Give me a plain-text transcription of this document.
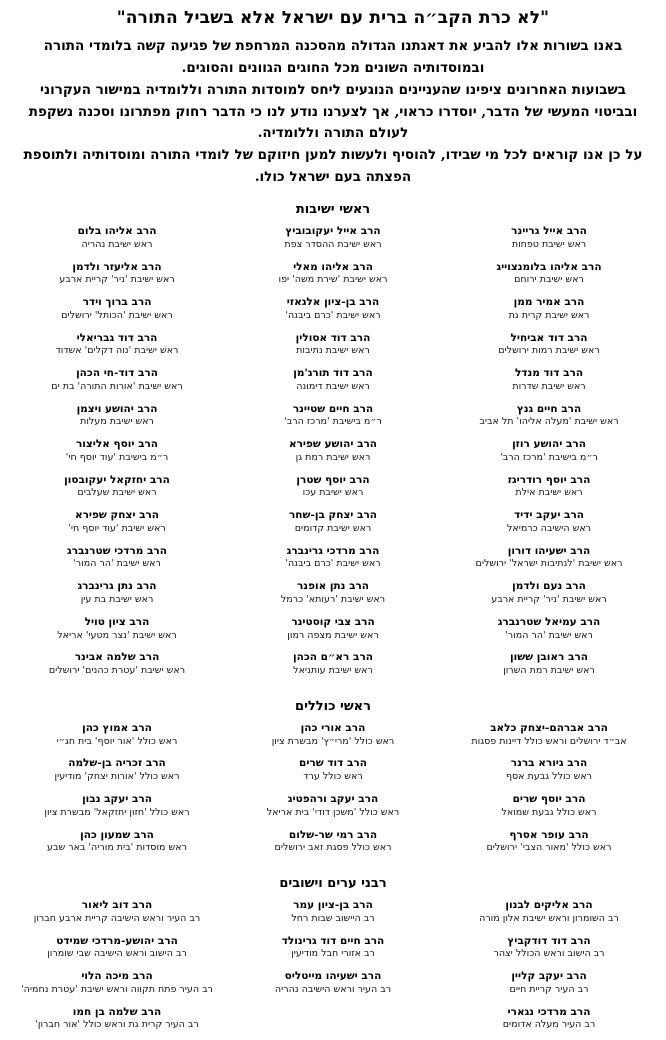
"לא כרת הקב״ה ברית עם ישראל אלא בשביל התורה"

באנו בשורות אלו להביע את דאגתנו הגדולה מהסכנה המרחפת של פגיעה קשה בלומדי התורה ובמוסדותיה השונים מכל החוגים הגוונים והסוגים.

בשבועות האחרונים ציפינו שהעניינים הנוגעים ליחס למוסדות התורה וללומדיה במישור העקרוני ובביטוי המעשי של הדבר, יוסדרו כראוי, אך לצערנו נודע לנו כי הדבר רחוק מפתרונו וסכנה נשקפת לעולם התורה וללומדיה.

על כן אנו קוראים לכל מי שבידו, להוסיף ולעשות למען חיזוקם של לומדי התורה ומוסדותיה ולתוספת הפצתה בעם ישראל כולו.

ראשי ישיבות
הרב אייל גריינר
ראש ישיבת טפחות
הרב אליהו בלומנצוייג
ראש ישיבת ירוחם
הרב אמיר ממן
ראש ישיבת קרית גת
הרב דוד אביחיל
ראש ישיבת רמות ירושלים
הרב דוד מנדל
ראש ישיבת שדרות
הרב חיים גנץ
ראש ישיבת 'מעלה אליהו' תל אביב
הרב יהושע רוזן
ר״מ בישיבת 'מרכז הרב'
הרב יוסף רודריגז
ראש ישיבת אילת
הרב יעקב ידיד
ראש הישיבה כרמיאל
הרב ישעיהו דורון
ראש ישיבת 'לנתיבות ישראל' ירושלים
הרב נעם ולדמן
ראש ישיבת 'ניר' קריית ארבע
הרב עמיאל שטרנברג
ראש ישיבת 'הר המור'
הרב ראובן ששון
ראש ישיבת רמת השרון
הרב אייל יעקובוביץ
ראש ישיבת ההסדר צפת
הרב אליהו מאלי
ראש ישיבת 'שירת משה' יפו
הרב בן-ציון אלגאזי
ראש ישיבת 'כרם ביבנה'
הרב דוד אסולין
ראש ישיבת נתיבות
הרב דוד תורג'מן
ראש ישיבת דימונה
הרב חיים שטיינר
ר״מ בישיבת 'מרכז הרב'
הרב יהושע שפירא
ראש ישיבת רמת גן
הרב יוסף שטרן
ראש ישיבת עכו
הרב יצחק בן-שחר
ראש ישיבת קדומים
הרב מרדכי גרינברג
ראש ישיבת 'כרם ביבנה'
הרב נתן אופנר
ראש ישיבת 'רעותא' כרמל
הרב צבי קוסטינר
ראש ישיבת מצפה רמון
הרב רא״ם הכהן
ראש ישיבת עותניאל
הרב אליהו בלום
ראש ישיבת נהריה
הרב אליעזר ולדמן
ראש ישיבת 'ניר' קריית ארבע
הרב ברוך וידר
ראש ישיבת 'הכותל' ירושלים
הרב דוד גבריאלי
ראש ישיבת 'נוה דקלים' אשדוד
הרב דוד-חי הכהן
ראש ישיבת 'אורות התורה' בת ים
הרב יהושע ויצמן
ראש ישיבת מעלות
הרב יוסף אליצור
ר״מ בישיבת 'עוד יוסף חי'
הרב יחזקאל יעקובסון
ראש ישיבת שעלבים
הרב יצחק שפירא
ראש ישיבת 'עוד יוסף חי'
הרב מרדכי שטרנברג
ראש ישיבת 'הר המור'
הרב נתן גרינברג
ראש ישיבת בת עין
הרב ציון טויל
ראש ישיבת 'נצר מטעי' אריאל
הרב שלמה אבינר
ראש ישיבת 'עטרת כהנים' ירושלים
ראשי כוללים
הרב אברהם-יצחק כלאב
אב״ד ירושלים וראש כולל דיינות פסגות
הרב גיורא ברנר
ראש כולל גבעת אסף
הרב יוסף שרים
ראש כולל גבעת שמואל
הרב עופר אסרף
ראש כולל 'מאור הצבי' ירושלים
הרב אורי כהן
ראש כולל 'מרי״ץ' מבשרת ציון
הרב דוד שרים
ראש כולל ערד
הרב יעקב ורהפטיג
ראש כולל 'משכן דודי' בית אריאל
הרב רמי שר-שלום
ראש כולל פסגת זאב ירושלים
הרב אמוץ כהן
ראש כולל 'אור יוסף' בית חג״י
הרב זכריה בן-שלמה
ראש כולל 'אורות יצחק' מודיעין
הרב יעקב נבון
ראש כולל 'חזון יחזקאל' מבשרת ציון
הרב שמעון כהן
ראש מוסדות 'בית מוריה' באר שבע
רבני ערים וישובים
הרב אליקים לבנון
רב השומרון וראש ישיבת אלון מורה
הרב דוד דודקביץ
רב הישוב וראש הכולל יצהר
הרב יעקב קליין
רב העיר קריית חיים
הרב מרדכי נגארי
רב העיר מעלה אדומים
הרב בן-ציון עמר
רב היישוב שבות רחל
הרב חיים דוד גרינולד
רב אזורי חבל מודיעין
הרב ישעיהו מייטליס
רב העיר וראש הישיבה נהריה
הרב דוב ליאור
רב העיר וראש הישיבה קריית ארבע חברון
הרב יהושע-מרדכי שמידט
רב הישוב וראש הישיבה שבי שומרון
הרב מיכה הלוי
רב העיר פתח תקווה וראש ישיבת 'עטרת נחמיה'
הרב שלמה בן חמו
רב העיר קרית גת וראש כולל 'אור חברון'
